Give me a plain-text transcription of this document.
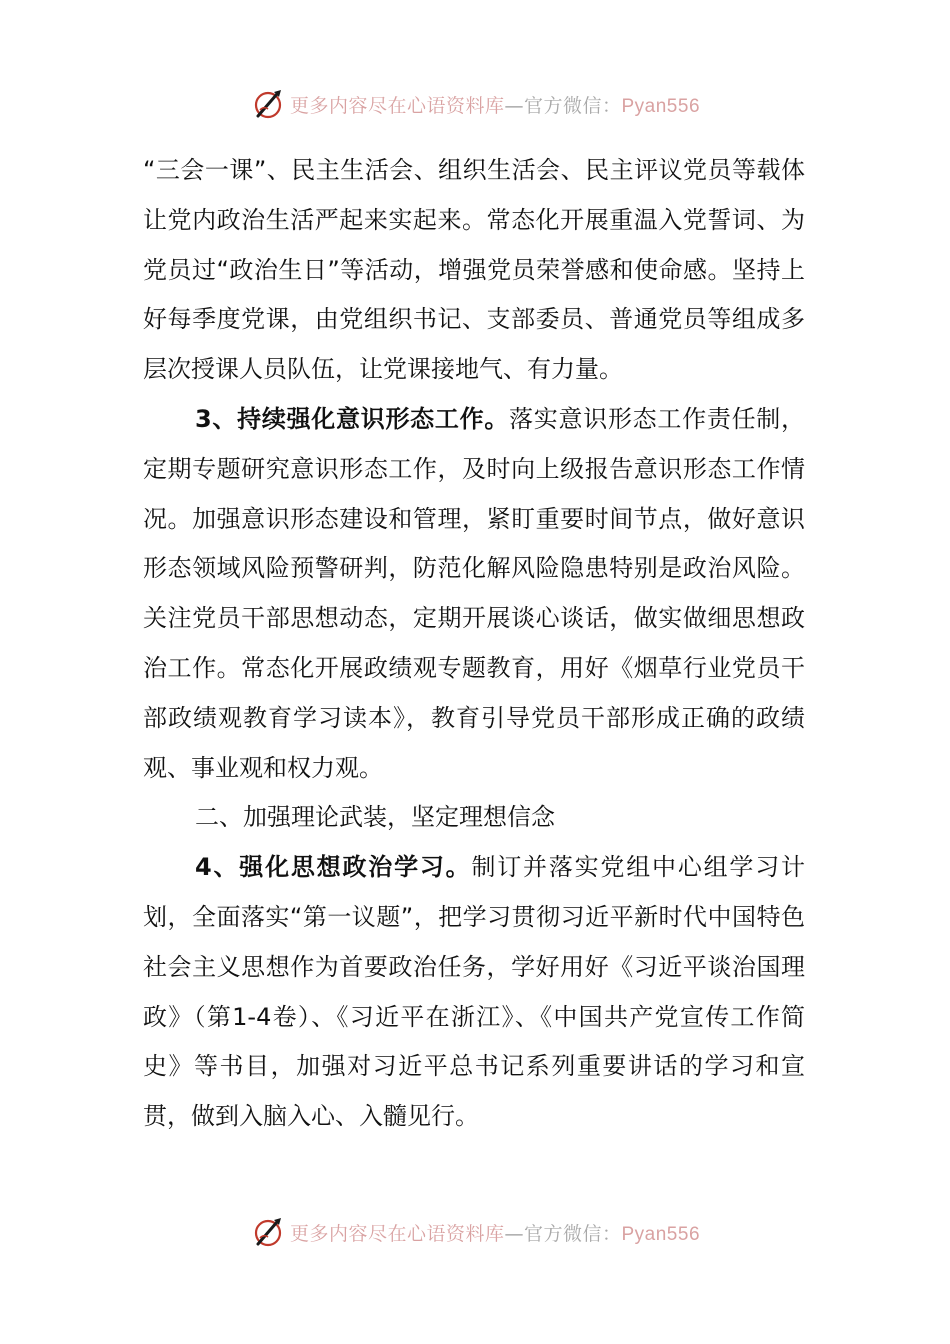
更多内容尽在心语资料库—官方微信：Pyan556

“三会一课”、民主生活会、组织生活会、民主评议党员等载体让党内政治生活严起来实起来。常态化开展重温入党誓词、为党员过“政治生日”等活动，增强党员荣誉感和使命感。坚持上好每季度党课，由党组织书记、支部委员、普通党员等组成多层次授课人员队伍，让党课接地气、有力量。

3、持续强化意识形态工作。落实意识形态工作责任制，定期专题研究意识形态工作，及时向上级报告意识形态工作情况。加强意识形态建设和管理，紧盯重要时间节点，做好意识形态领域风险预警研判，防范化解风险隐患特别是政治风险。关注党员干部思想动态，定期开展谈心谈话，做实做细思想政治工作。常态化开展政绩观专题教育，用好《烟草行业党员干部政绩观教育学习读本》，教育引导党员干部形成正确的政绩观、事业观和权力观。

二、加强理论武装，坚定理想信念

4、强化思想政治学习。制订并落实党组中心组学习计划，全面落实“第一议题”，把学习贯彻习近平新时代中国特色社会主义思想作为首要政治任务，学好用好《习近平谈治国理政》（第1-4卷）、《习近平在浙江》、《中国共产党宣传工作简史》等书目，加强对习近平总书记系列重要讲话的学习和宣贯，做到入脑入心、入髓见行。

更多内容尽在心语资料库—官方微信：Pyan556
